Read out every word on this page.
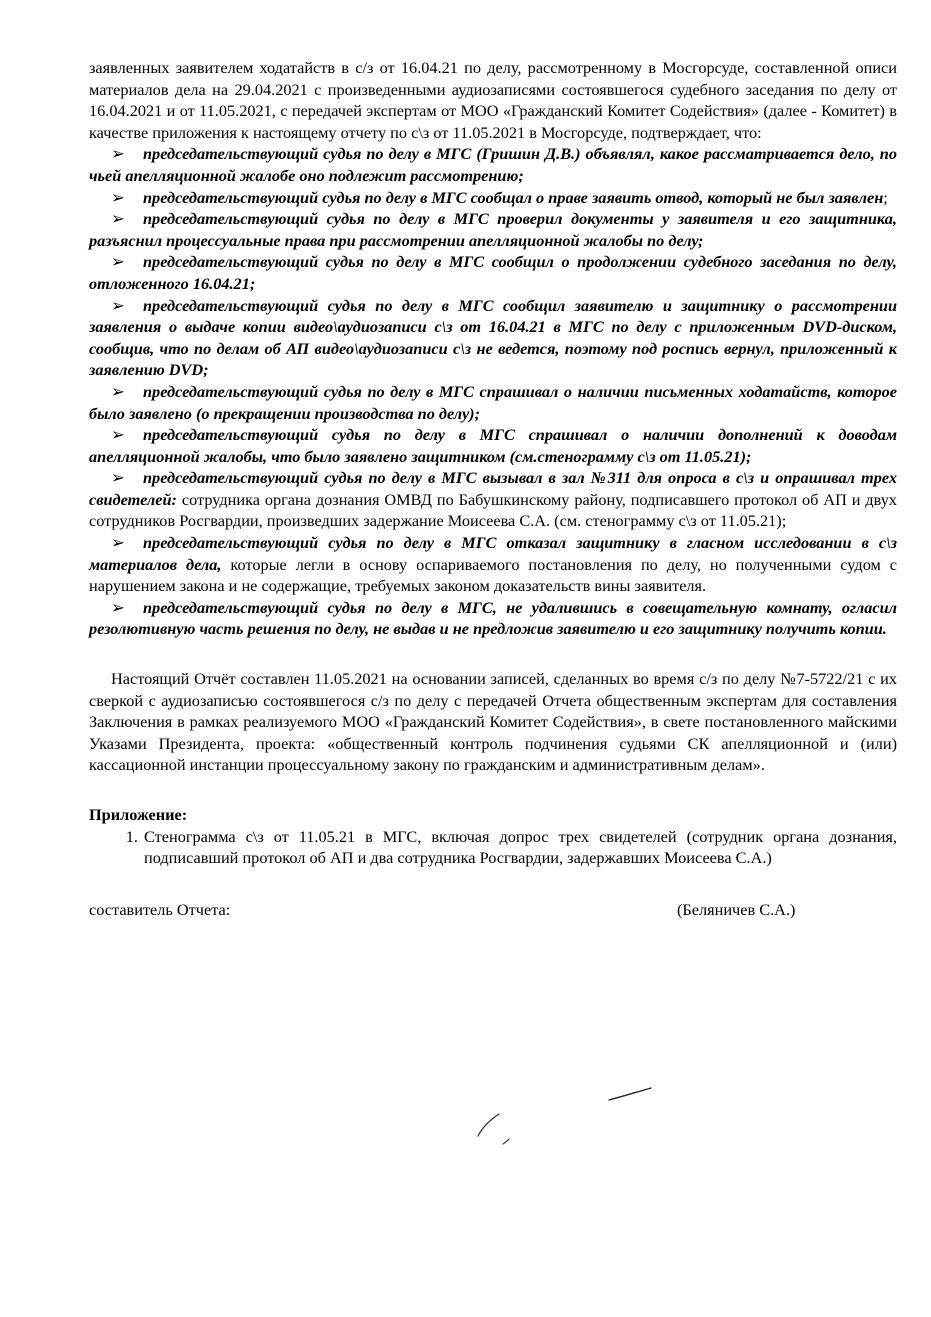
заявленных заявителем ходатайств в с/з от 16.04.21 по делу, рассмотренному в Мосгорсуде, составленной описи материалов дела на 29.04.2021 с произведенными аудиозаписями состоявшегося судебного заседания по делу от 16.04.2021 и от 11.05.2021, с передачей экспертам от МОО «Гражданский Комитет Содействия» (далее - Комитет) в качестве приложения к настоящему отчету по с\з от 11.05.2021 в Мосгорсуде, подтверждает, что:

➢ председательствующий судья по делу в МГС (Гришин Д.В.) объявлял, какое рассматривается дело, по чьей апелляционной жалобе оно подлежит рассмотрению;

➢ председательствующий судья по делу в МГС сообщал о праве заявить отвод, который не был заявлен;

➢ председательствующий судья по делу в МГС проверил документы у заявителя и его защитника, разъяснил процессуальные права при рассмотрении апелляционной жалобы по делу;

➢ председательствующий судья по делу в МГС сообщил о продолжении судебного заседания по делу, отложенного 16.04.21;

➢ председательствующий судья по делу в МГС сообщил заявителю и защитнику о рассмотрении заявления о выдаче копии видео\аудиозаписи с\з от 16.04.21 в МГС по делу с приложенным DVD-диском, сообщив, что по делам об АП видео\аудиозаписи с\з не ведется, поэтому под роспись вернул, приложенный к заявлению DVD;

➢ председательствующий судья по делу в МГС спрашивал о наличии письменных ходатайств, которое было заявлено (о прекращении производства по делу);

➢ председательствующий судья по делу в МГС спрашивал о наличии дополнений к доводам апелляционной жалобы, что было заявлено защитником (см.стенограмму с\з от 11.05.21);

➢ председательствующий судья по делу в МГС вызывал в зал №311 для опроса в с\з и опрашивал трех свидетелей: сотрудника органа дознания ОМВД по Бабушкинскому району, подписавшего протокол об АП и двух сотрудников Росгвардии, произведших задержание Моисеева С.А. (см. стенограмму с\з от 11.05.21);

➢ председательствующий судья по делу в МГС отказал защитнику в гласном исследовании в с\з материалов дела, которые легли в основу оспариваемого постановления по делу, но полученными судом с нарушением закона и не содержащие, требуемых законом доказательств вины заявителя.

➢ председательствующий судья по делу в МГС, не удалившись в совещательную комнату, огласил резолютивную часть решения по делу, не выдав и не предложив заявителю и его защитнику получить копии.

Настоящий Отчёт составлен 11.05.2021 на основании записей, сделанных во время с/з по делу №7-5722/21 с их сверкой с аудиозаписью состоявшегося с/з по делу с передачей Отчета общественным экспертам для составления Заключения в рамках реализуемого МОО «Гражданский Комитет Содействия», в свете постановленного майскими Указами Президента, проекта: «общественный контроль подчинения судьями СК апелляционной и (или) кассационной инстанции процессуальному закону по гражданским и административным делам».

Приложение:
1. Стенограмма с\з от 11.05.21 в МГС, включая допрос трех свидетелей (сотрудник органа дознания, подписавший протокол об АП и два сотрудника Росгвардии, задержавших Моисеева С.А.)
составитель Отчета:	(Беляничев С.А.)
